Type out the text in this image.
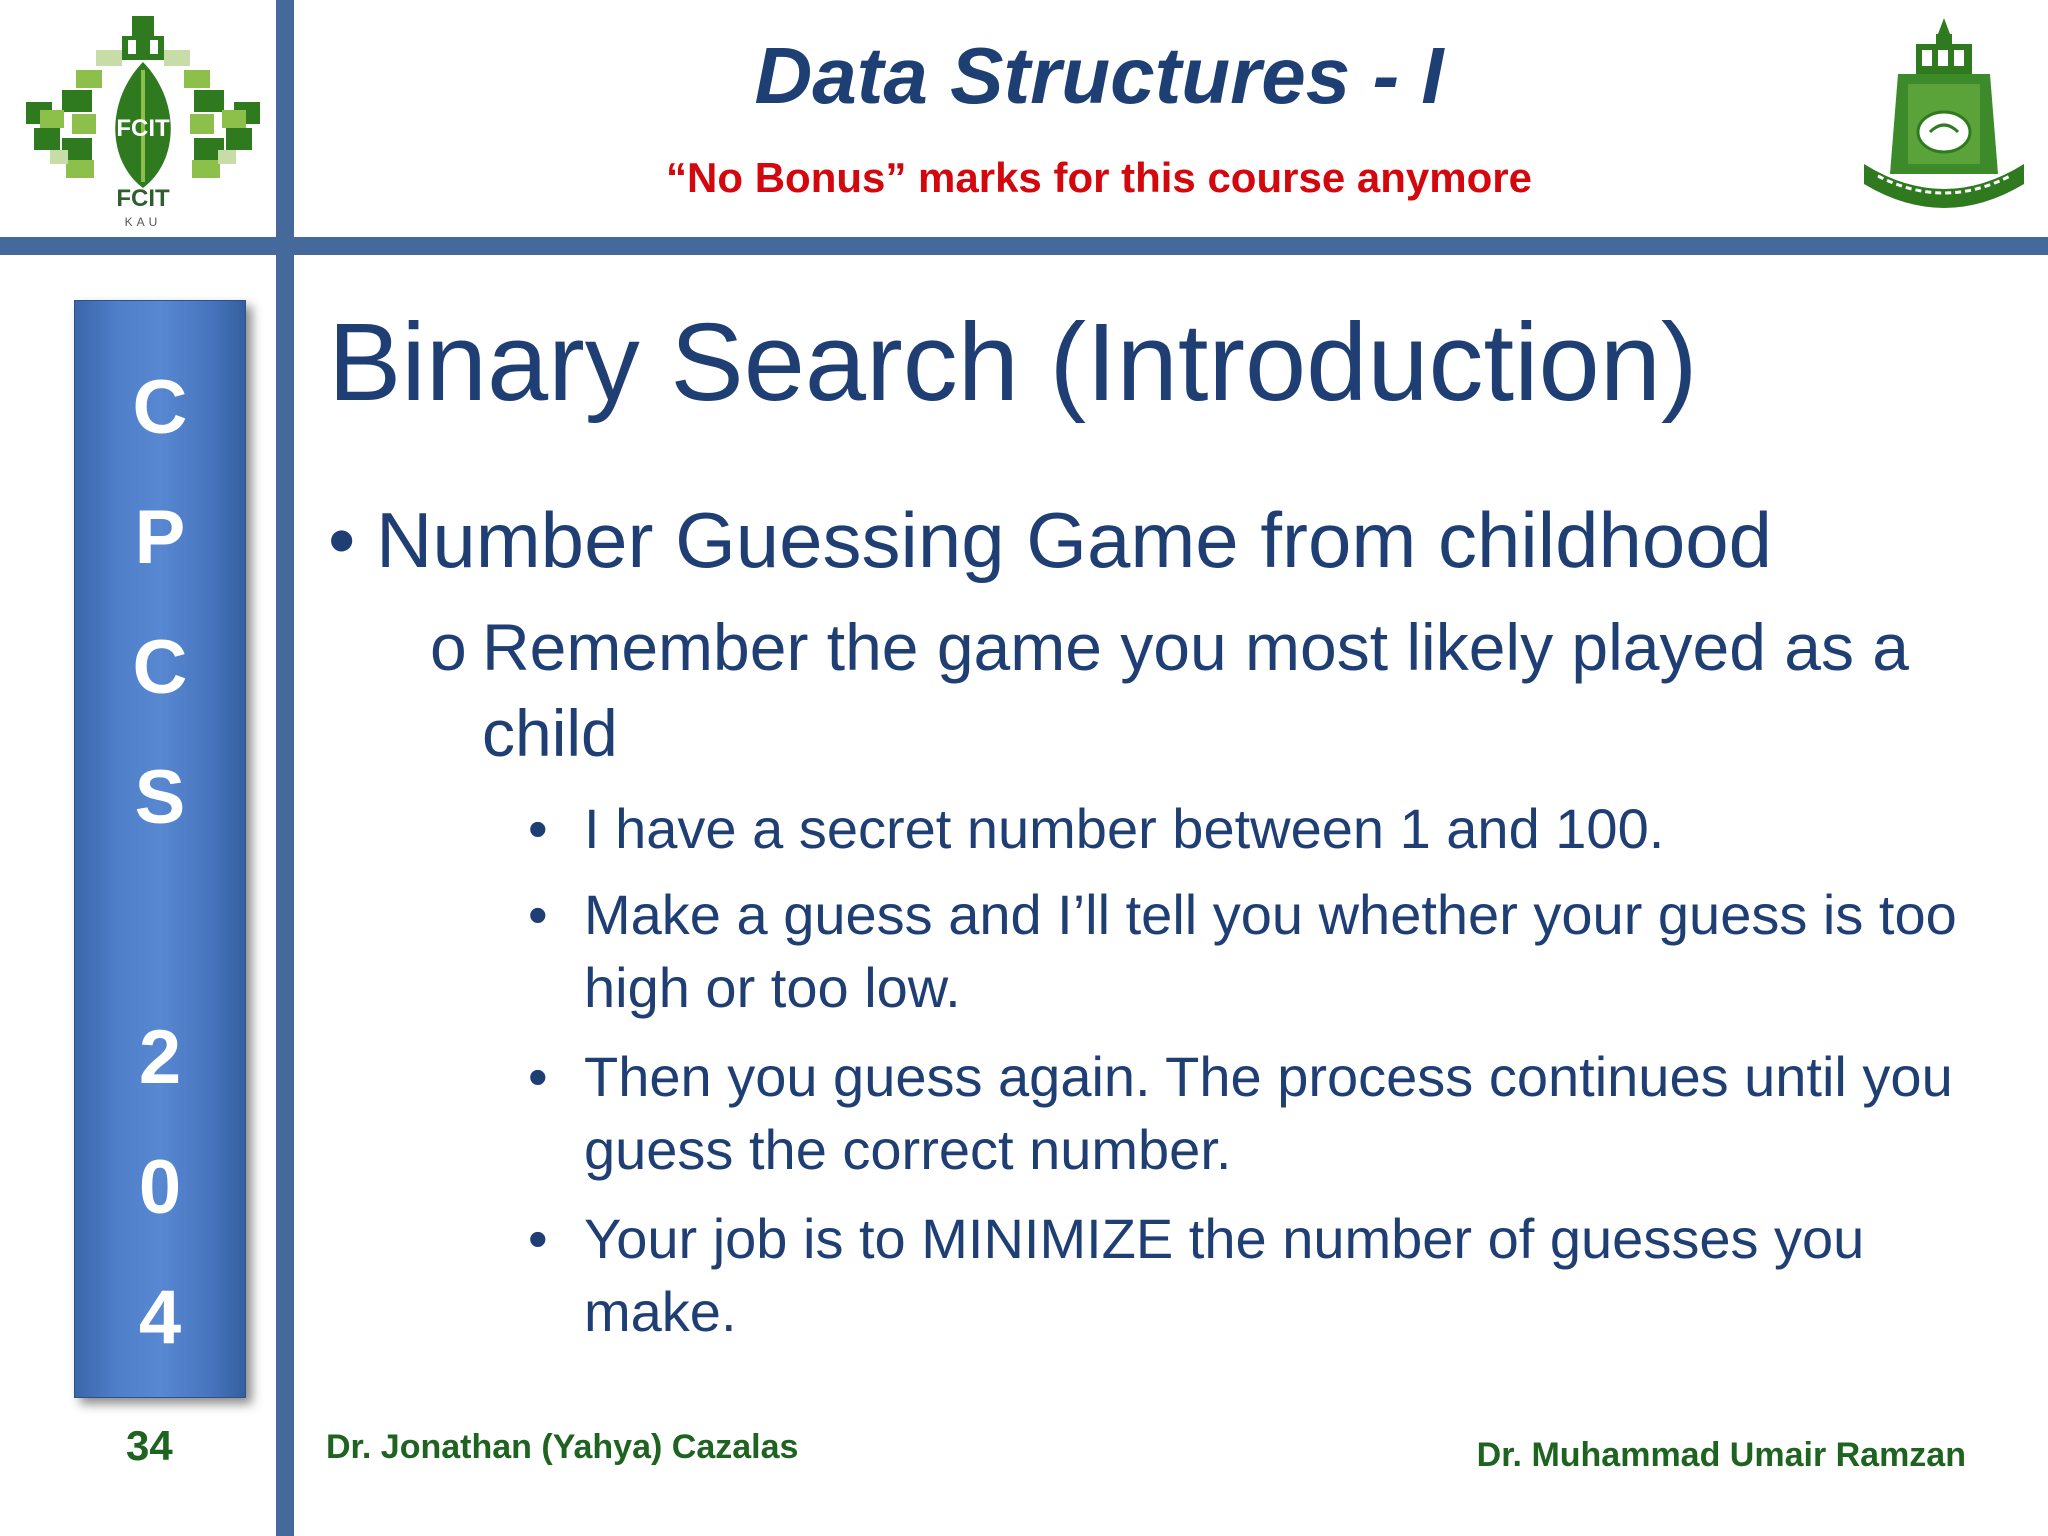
FCIT
FCIT
KAU
Data Structures - I
“No Bonus” marks for this course anymore
C
P
C
S
2
0
4
Binary Search (Introduction)
• Number Guessing Game from childhood
o Remember the game you most likely played as a child
• I have a secret number between 1 and 100.
• Make a guess and I’ll tell you whether your guess is too high or too low.
• Then you guess again. The process continues until you guess the correct number.
• Your job is to MINIMIZE the number of guesses you make.
34	Dr. Jonathan (Yahya) Cazalas	Dr. Muhammad Umair Ramzan
